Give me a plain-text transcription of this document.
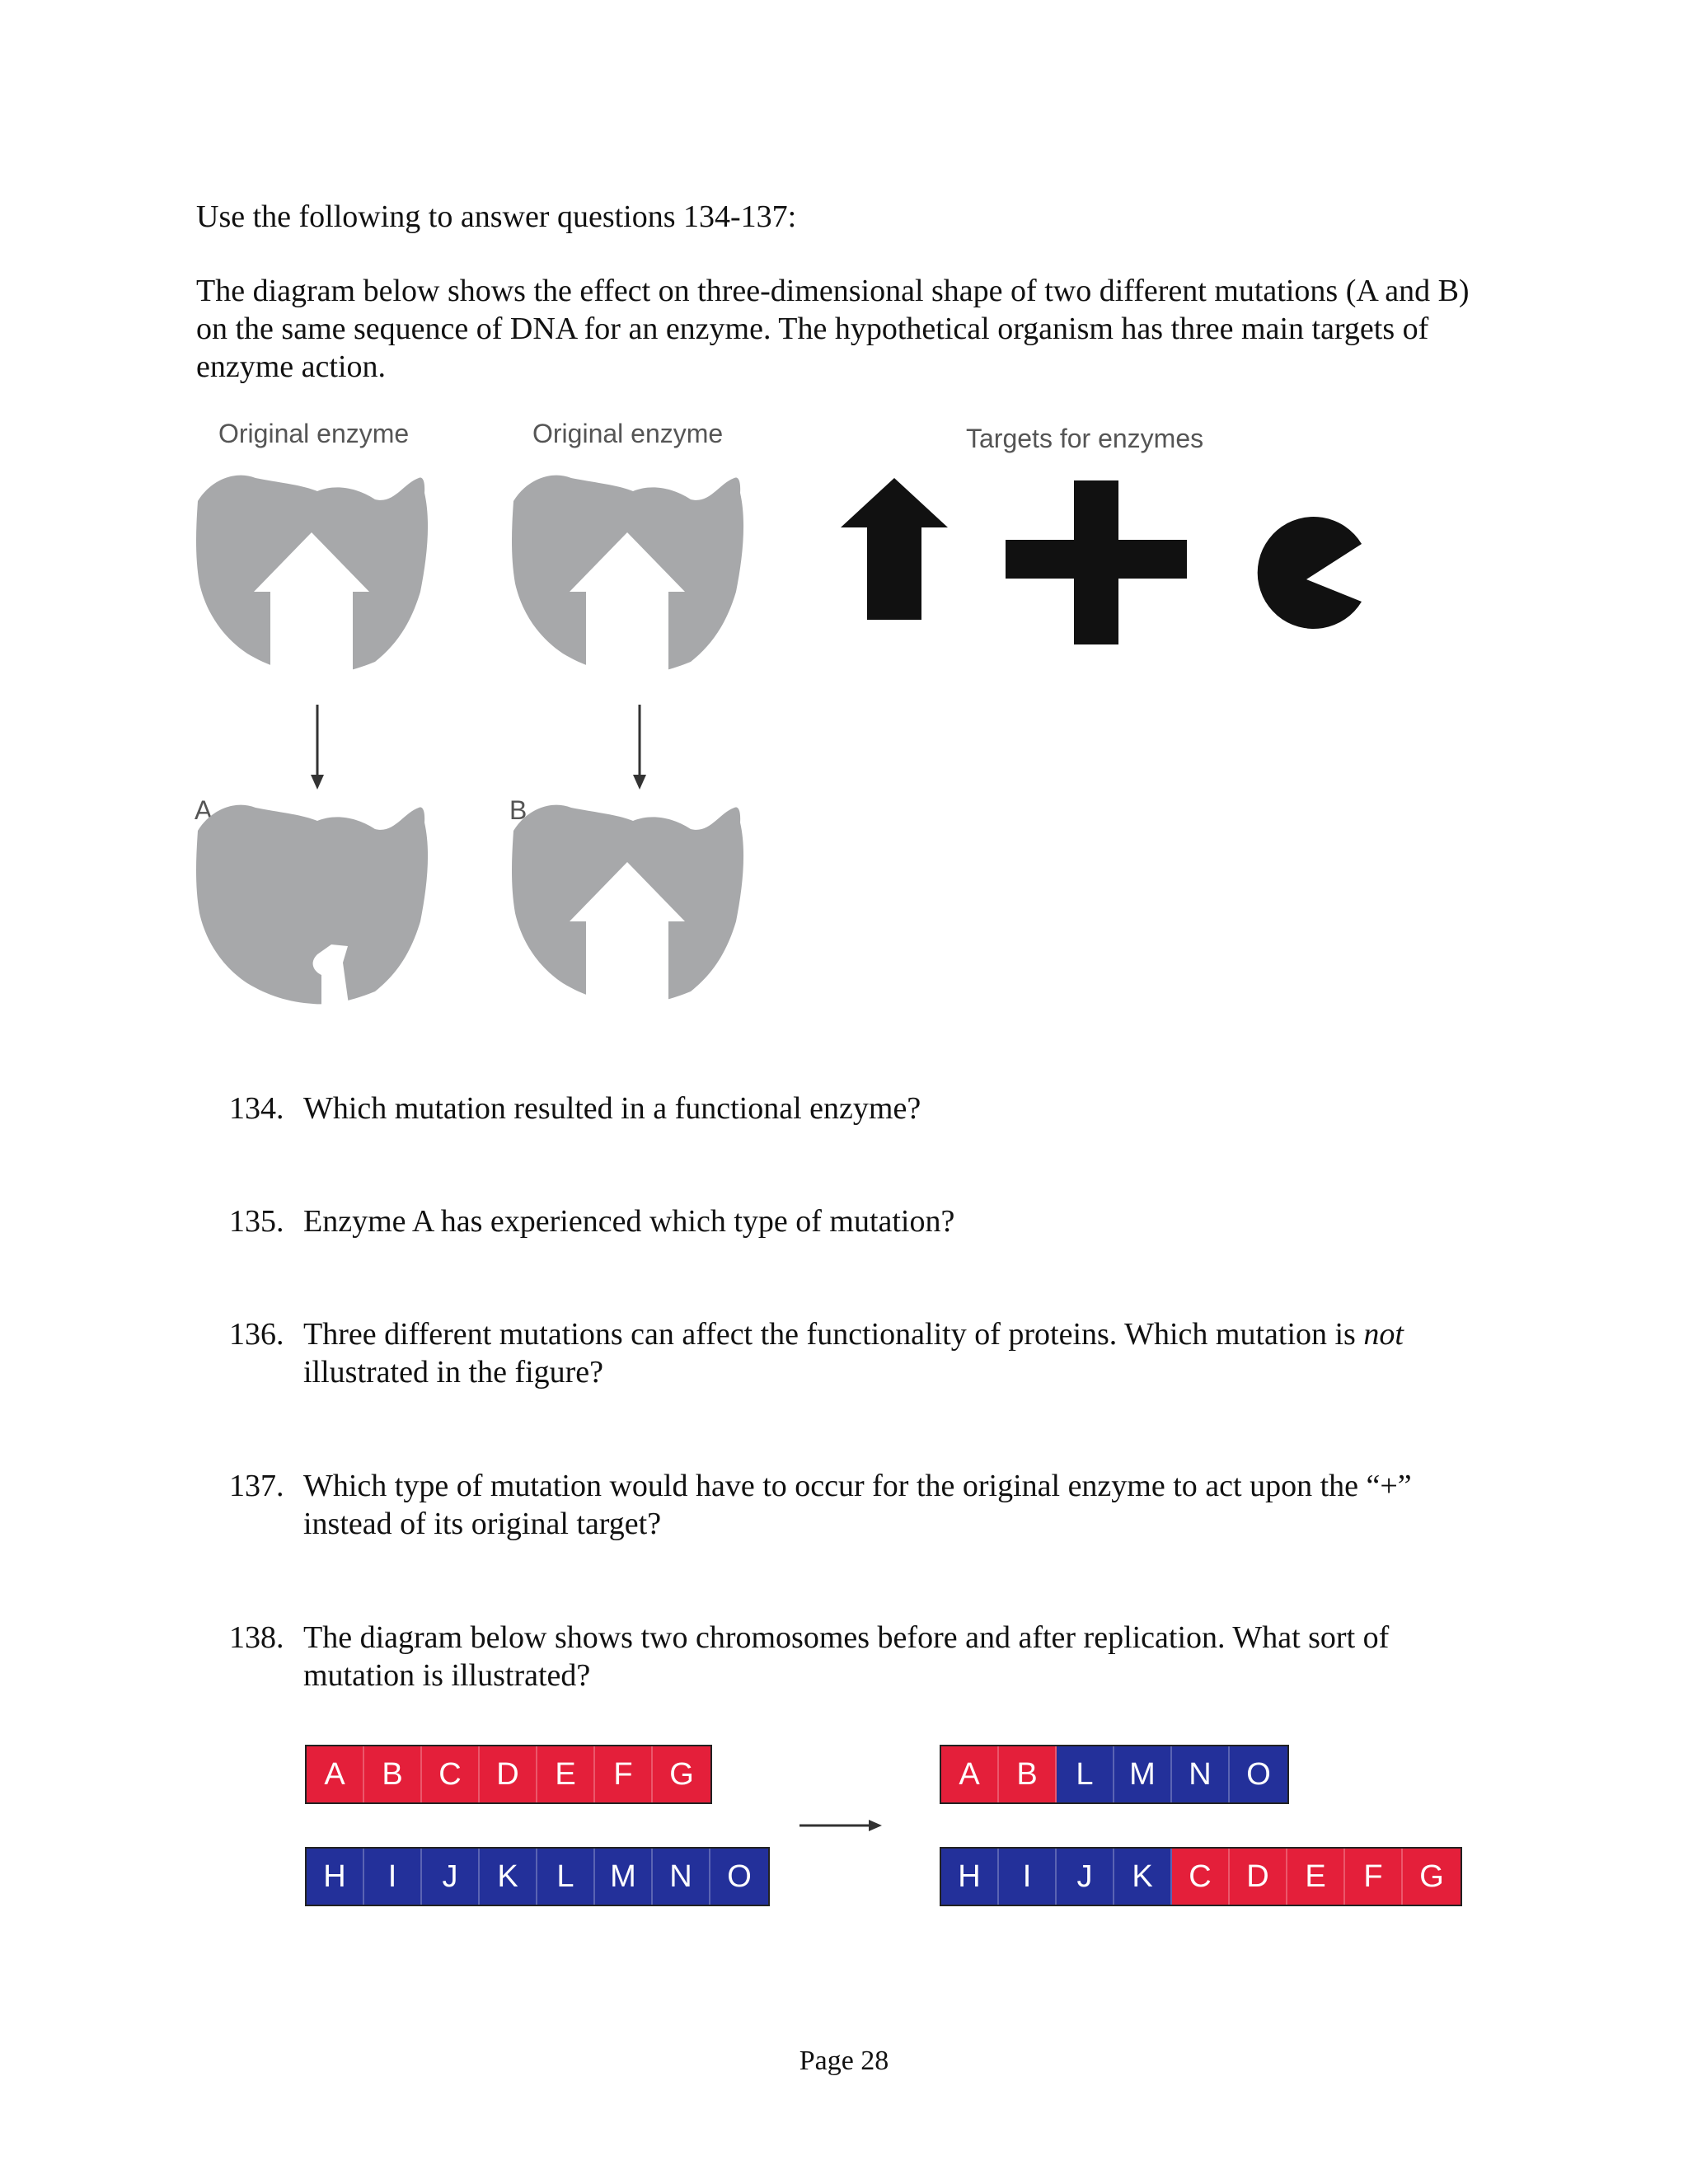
Use the following to answer questions 134-137:
The diagram below shows the effect on three-dimensional shape of two different mutations (A and B) on the same sequence of DNA for an enzyme. The hypothetical organism has three main targets of enzyme action.
Original enzyme	Original enzyme	Targets for enzymes
A	B
134. Which mutation resulted in a functional enzyme?
135. Enzyme A has experienced which type of mutation?
136. Three different mutations can affect the functionality of proteins. Which mutation is not illustrated in the figure?
137. Which type of mutation would have to occur for the original enzyme to act upon the “+” instead of its original target?
138. The diagram below shows two chromosomes before and after replication. What sort of mutation is illustrated?
A	B	C	D	E	F	G
H	I	J	K	L	M	N	O
A	B	L	M	N	O
H	I	J	K	C	D	E	F	G
Page 28
